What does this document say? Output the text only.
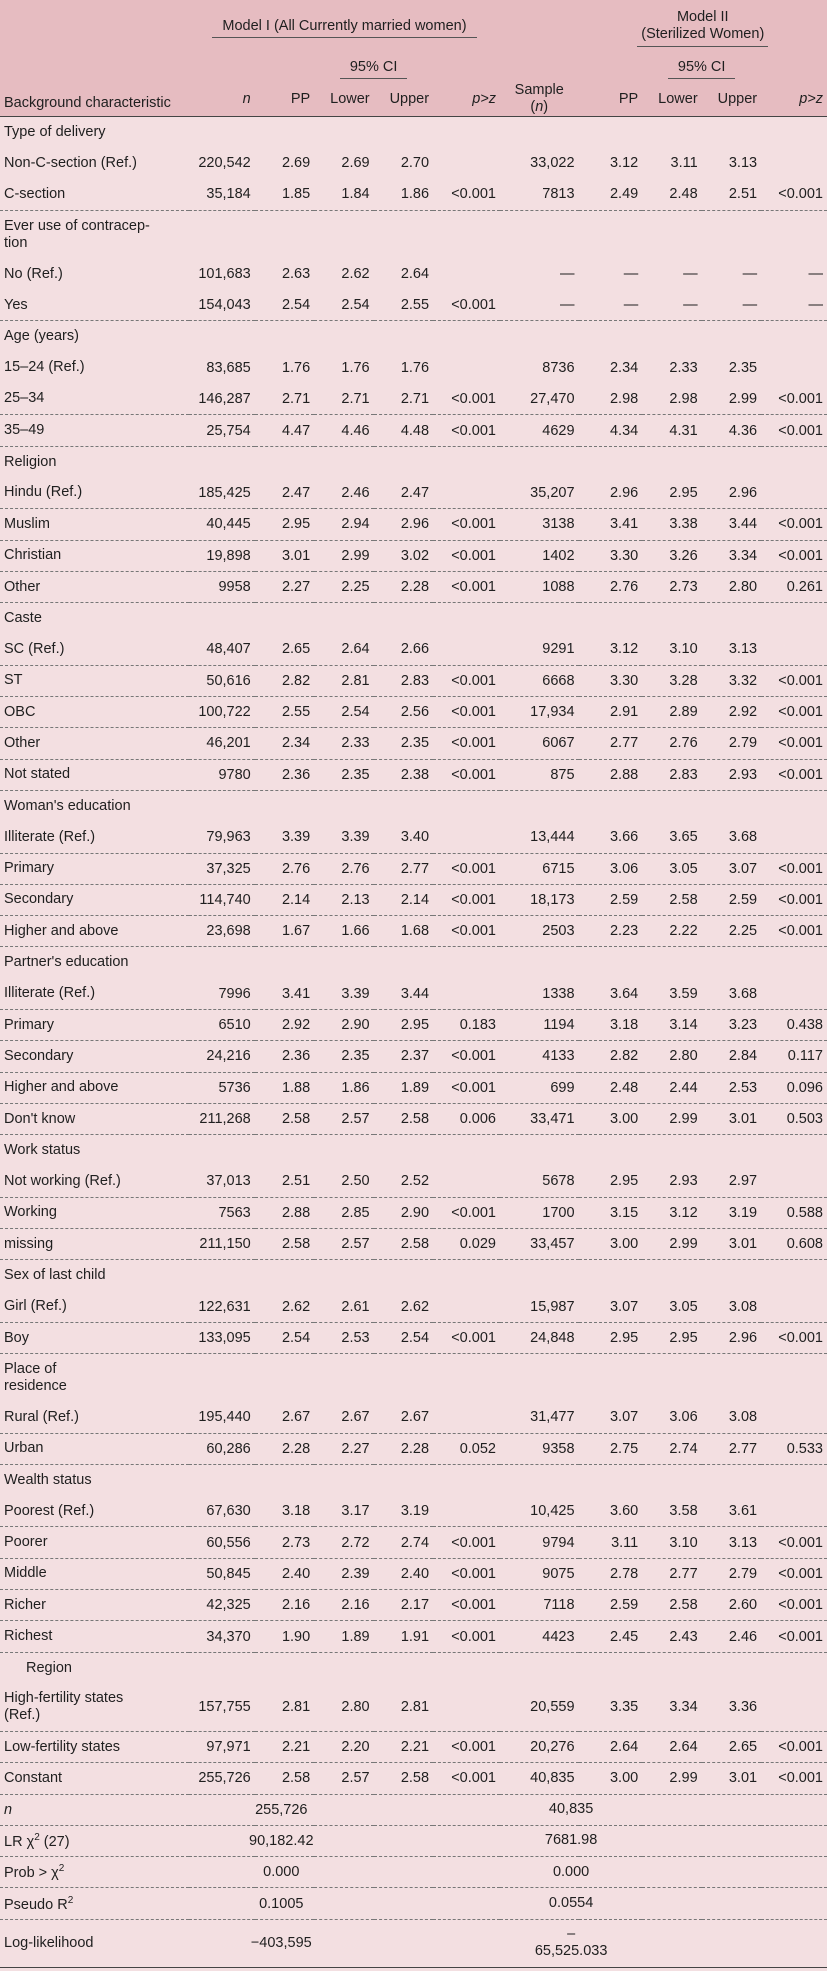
	Model I (All Currently married women)						Model II
(Sterilized Women)			
			95% CI					95% CI		
Background characteristic	n	PP	Lower	Upper	p>z	Sample
(n)	PP	Lower	Upper	p>z
Type of delivery										
Non-C-section (Ref.)	220,542	2.69	2.69	2.70		33,022	3.12	3.11	3.13	
C-section	35,184	1.85	1.84	1.86	<0.001	7813	2.49	2.48	2.51	<0.001
Ever use of contracep-
tion										
No (Ref.)	101,683	2.63	2.62	2.64		—	—	—	—	—
Yes	154,043	2.54	2.54	2.55	<0.001	—	—	—	—	—
Age (years)										
15–24 (Ref.)	83,685	1.76	1.76	1.76		8736	2.34	2.33	2.35	
25–34	146,287	2.71	2.71	2.71	<0.001	27,470	2.98	2.98	2.99	<0.001
35–49	25,754	4.47	4.46	4.48	<0.001	4629	4.34	4.31	4.36	<0.001
Religion										
Hindu (Ref.)	185,425	2.47	2.46	2.47		35,207	2.96	2.95	2.96	
Muslim	40,445	2.95	2.94	2.96	<0.001	3138	3.41	3.38	3.44	<0.001
Christian	19,898	3.01	2.99	3.02	<0.001	1402	3.30	3.26	3.34	<0.001
Other	9958	2.27	2.25	2.28	<0.001	1088	2.76	2.73	2.80	0.261
Caste										
SC (Ref.)	48,407	2.65	2.64	2.66		9291	3.12	3.10	3.13	
ST	50,616	2.82	2.81	2.83	<0.001	6668	3.30	3.28	3.32	<0.001
OBC	100,722	2.55	2.54	2.56	<0.001	17,934	2.91	2.89	2.92	<0.001
Other	46,201	2.34	2.33	2.35	<0.001	6067	2.77	2.76	2.79	<0.001
Not stated	9780	2.36	2.35	2.38	<0.001	875	2.88	2.83	2.93	<0.001
Woman's education										
Illiterate (Ref.)	79,963	3.39	3.39	3.40		13,444	3.66	3.65	3.68	
Primary	37,325	2.76	2.76	2.77	<0.001	6715	3.06	3.05	3.07	<0.001
Secondary	114,740	2.14	2.13	2.14	<0.001	18,173	2.59	2.58	2.59	<0.001
Higher and above	23,698	1.67	1.66	1.68	<0.001	2503	2.23	2.22	2.25	<0.001
Partner's education										
Illiterate (Ref.)	7996	3.41	3.39	3.44		1338	3.64	3.59	3.68	
Primary	6510	2.92	2.90	2.95	0.183	1194	3.18	3.14	3.23	0.438
Secondary	24,216	2.36	2.35	2.37	<0.001	4133	2.82	2.80	2.84	0.117
Higher and above	5736	1.88	1.86	1.89	<0.001	699	2.48	2.44	2.53	0.096
Don't know	211,268	2.58	2.57	2.58	0.006	33,471	3.00	2.99	3.01	0.503
Work status										
Not working (Ref.)	37,013	2.51	2.50	2.52		5678	2.95	2.93	2.97	
Working	7563	2.88	2.85	2.90	<0.001	1700	3.15	3.12	3.19	0.588
missing	211,150	2.58	2.57	2.58	0.029	33,457	3.00	2.99	3.01	0.608
Sex of last child										
Girl (Ref.)	122,631	2.62	2.61	2.62		15,987	3.07	3.05	3.08	
Boy	133,095	2.54	2.53	2.54	<0.001	24,848	2.95	2.95	2.96	<0.001
Place of
residence										
Rural (Ref.)	195,440	2.67	2.67	2.67		31,477	3.07	3.06	3.08	
Urban	60,286	2.28	2.27	2.28	0.052	9358	2.75	2.74	2.77	0.533
Wealth status										
Poorest (Ref.)	67,630	3.18	3.17	3.19		10,425	3.60	3.58	3.61	
Poorer	60,556	2.73	2.72	2.74	<0.001	9794	3.11	3.10	3.13	<0.001
Middle	50,845	2.40	2.39	2.40	<0.001	9075	2.78	2.77	2.79	<0.001
Richer	42,325	2.16	2.16	2.17	<0.001	7118	2.59	2.58	2.60	<0.001
Richest	34,370	1.90	1.89	1.91	<0.001	4423	2.45	2.43	2.46	<0.001
Region										
High-fertility states
(Ref.)	157,755	2.81	2.80	2.81		20,559	3.35	3.34	3.36	
Low-fertility states	97,971	2.21	2.20	2.21	<0.001	20,276	2.64	2.64	2.65	<0.001
Constant	255,726	2.58	2.57	2.58	<0.001	40,835	3.00	2.99	3.01	<0.001
n	255,726					40,835				
LR $\chi^2$ (27)	90,182.42					7681.98				
Prob > $\chi^2$	0.000					0.000				
Pseudo $R^2$	0.1005					0.0554				
Log-likelihood	−403,595					–
65,525.033				
